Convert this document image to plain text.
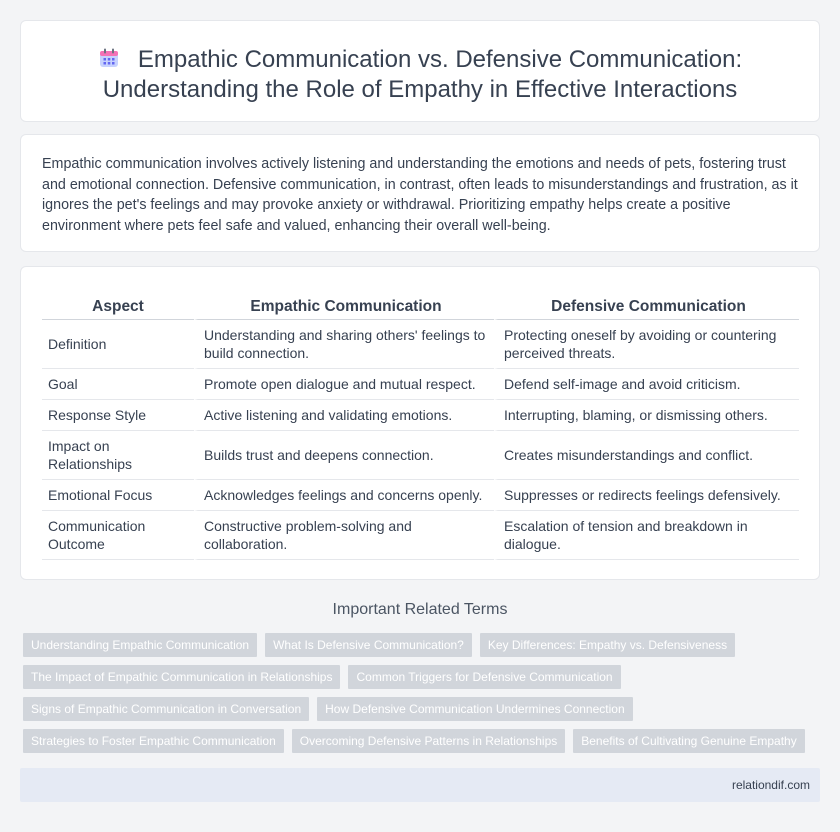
Empathic Communication vs. Defensive Communication:
Understanding the Role of Empathy in Effective Interactions

Empathic communication involves actively listening and understanding the emotions and needs of pets, fostering trust and emotional connection. Defensive communication, in contrast, often leads to misunderstandings and frustration, as it ignores the pet's feelings and may provoke anxiety or withdrawal. Prioritizing empathy helps create a positive environment where pets feel safe and valued, enhancing their overall well-being.

Aspect	Empathic Communication	Defensive Communication
Definition	Understanding and sharing others' feelings to build connection.	Protecting oneself by avoiding or countering perceived threats.
Goal	Promote open dialogue and mutual respect.	Defend self-image and avoid criticism.
Response Style	Active listening and validating emotions.	Interrupting, blaming, or dismissing others.
Impact on Relationships	Builds trust and deepens connection.	Creates misunderstandings and conflict.
Emotional Focus	Acknowledges feelings and concerns openly.	Suppresses or redirects feelings defensively.
Communication Outcome	Constructive problem-solving and collaboration.	Escalation of tension and breakdown in dialogue.
Important Related Terms
Understanding Empathic Communication	What Is Defensive Communication?	Key Differences: Empathy vs. Defensiveness
The Impact of Empathic Communication in Relationships	Common Triggers for Defensive Communication
Signs of Empathic Communication in Conversation	How Defensive Communication Undermines Connection
Strategies to Foster Empathic Communication	Overcoming Defensive Patterns in Relationships	Benefits of Cultivating Genuine Empathy
relationdif.com
